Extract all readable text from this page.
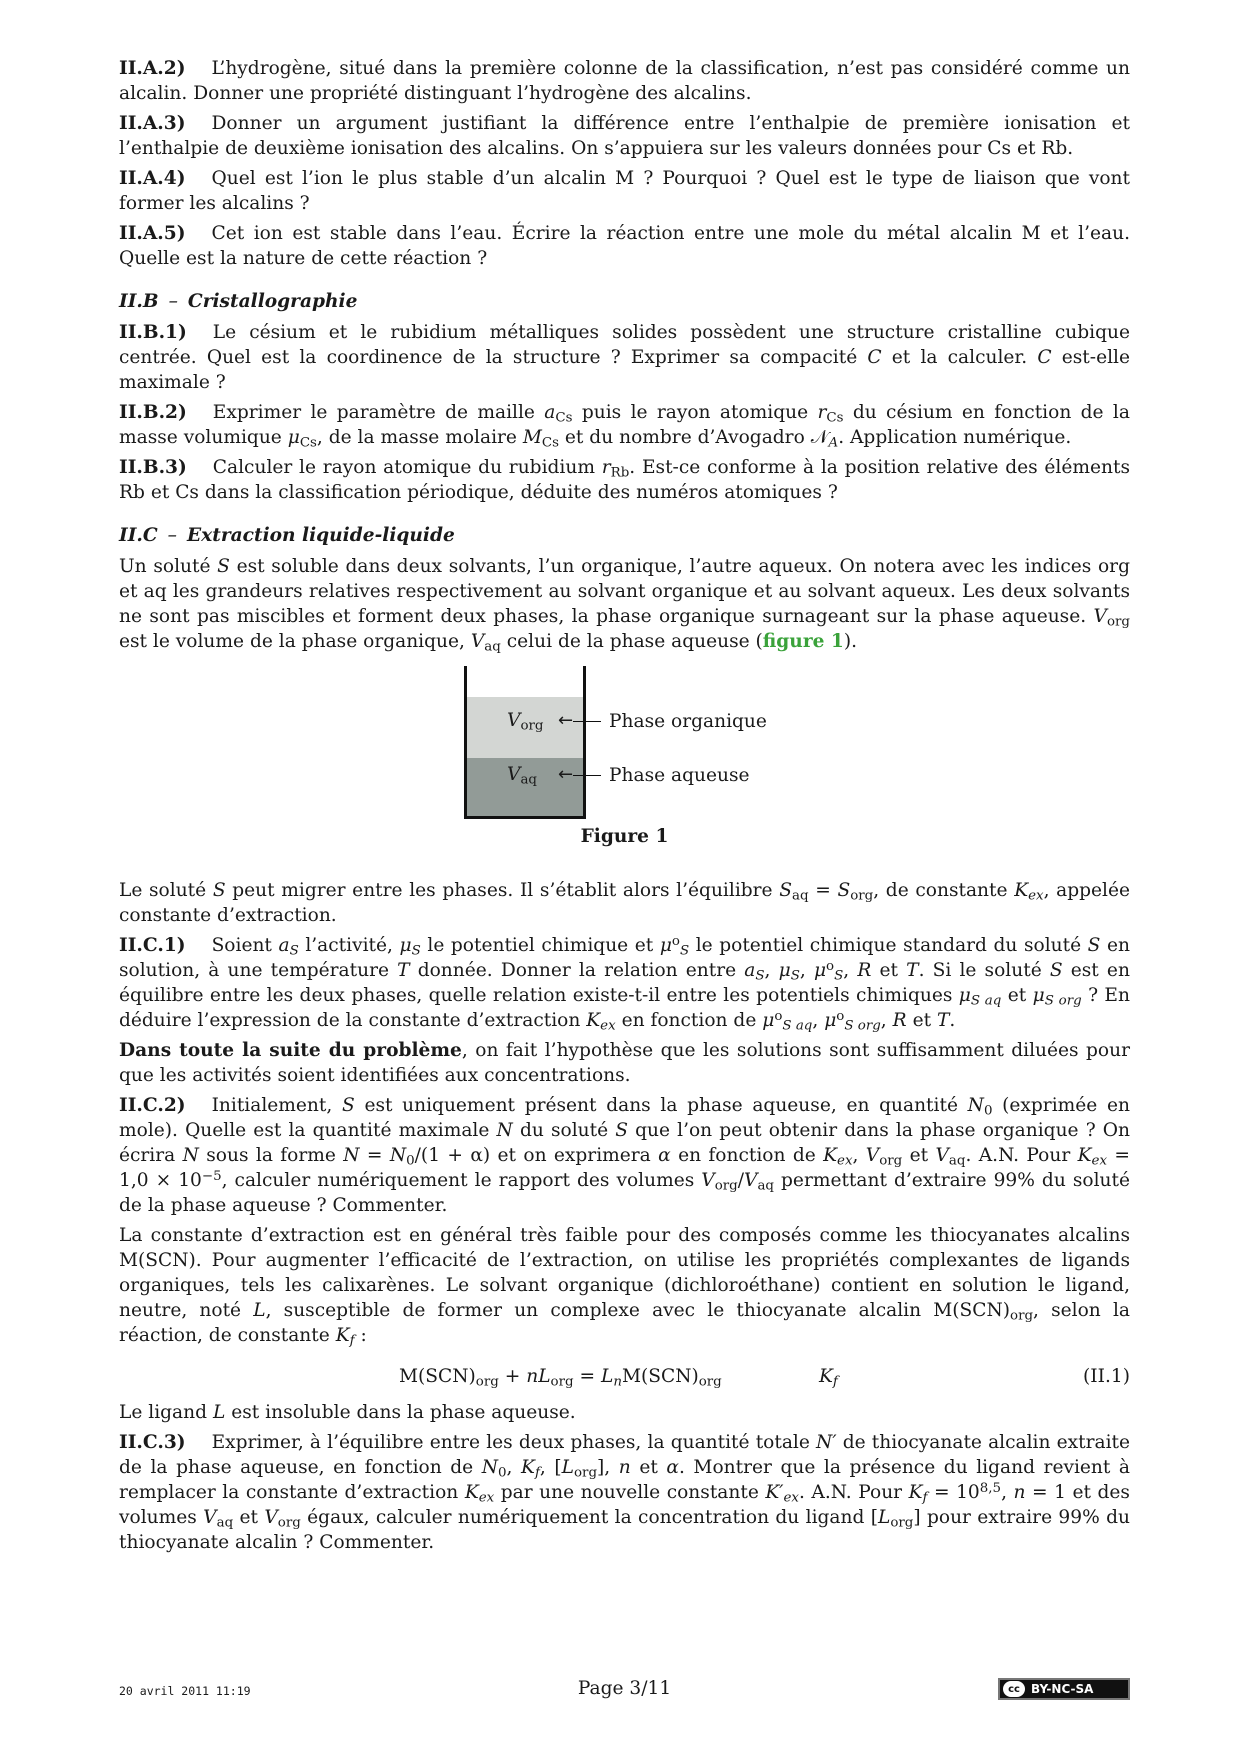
II.A.2) L’hydrogène, situé dans la première colonne de la classification, n’est pas considéré comme un alcalin. Donner une propriété distinguant l’hydrogène des alcalins.

II.A.3) Donner un argument justifiant la différence entre l’enthalpie de première ionisation et l’enthalpie de deuxième ionisation des alcalins. On s’appuiera sur les valeurs données pour Cs et Rb.

II.A.4) Quel est l’ion le plus stable d’un alcalin M ? Pourquoi ? Quel est le type de liaison que vont former les alcalins ?

II.A.5) Cet ion est stable dans l’eau. Écrire la réaction entre une mole du métal alcalin M et l’eau. Quelle est la nature de cette réaction ?

II.B – Cristallographie

II.B.1) Le césium et le rubidium métalliques solides possèdent une structure cristalline cubique centrée. Quel est la coordinence de la structure ? Exprimer sa compacité C et la calculer. C est-elle maximale ?

II.B.2) Exprimer le paramètre de maille $a_{Cs}$ puis le rayon atomique $r_{Cs}$ du césium en fonction de la masse volumique $\mu_{Cs}$, de la masse molaire $M_{Cs}$ et du nombre d’Avogadro 𝒩$_A$. Application numérique.

II.B.3) Calculer le rayon atomique du rubidium $r_{Rb}$. Est-ce conforme à la position relative des éléments Rb et Cs dans la classification périodique, déduite des numéros atomiques ?

II.C – Extraction liquide-liquide

Un soluté S est soluble dans deux solvants, l’un organique, l’autre aqueux. On notera avec les indices org et aq les grandeurs relatives respectivement au solvant organique et au solvant aqueux. Les deux solvants ne sont pas miscibles et forment deux phases, la phase organique surnageant sur la phase aqueuse. $V_{org}$ est le volume de la phase organique, $V_{aq}$ celui de la phase aqueuse (figure 1).

$V_{org}$
$V_{aq}$
← Phase organique
← Phase aqueuse
Figure 1

Le soluté S peut migrer entre les phases. Il s’établit alors l’équilibre $S_{aq} = S_{org}$, de constante $K_{ex}$, appelée constante d’extraction.

II.C.1) Soient $a_S$ l’activité, $\mu_S$ le potentiel chimique et $\mu^o_S$ le potentiel chimique standard du soluté S en solution, à une température T donnée. Donner la relation entre $a_S$, $\mu_S$, $\mu^o_S$, R et T. Si le soluté S est en équilibre entre les deux phases, quelle relation existe-t-il entre les potentiels chimiques $\mu_{S aq}$ et $\mu_{S org}$ ? En déduire l’expression de la constante d’extraction $K_{ex}$ en fonction de $\mu^o_{S aq}$, $\mu^o_{S org}$, R et T.

Dans toute la suite du problème, on fait l’hypothèse que les solutions sont suffisamment diluées pour que les activités soient identifiées aux concentrations.

II.C.2) Initialement, S est uniquement présent dans la phase aqueuse, en quantité $N_0$ (exprimée en mole). Quelle est la quantité maximale N du soluté S que l’on peut obtenir dans la phase organique ? On écrira N sous la forme $N = N_0/(1 + \alpha)$ et on exprimera α en fonction de $K_{ex}$, $V_{org}$ et $V_{aq}$. A.N. Pour $K_{ex} = 1,0 \times 10^{-5}$, calculer numériquement le rapport des volumes $V_{org}/V_{aq}$ permettant d’extraire 99% du soluté de la phase aqueuse ? Commenter.

La constante d’extraction est en général très faible pour des composés comme les thiocyanates alcalins M(SCN). Pour augmenter l’efficacité de l’extraction, on utilise les propriétés complexantes de ligands organiques, tels les calixarènes. Le solvant organique (dichloroéthane) contient en solution le ligand, neutre, noté L, susceptible de former un complexe avec le thiocyanate alcalin $M(SCN)_{org}$, selon la réaction, de constante $K_f$ :

$M(SCN)_{org} + nL_{org} = L_nM(SCN)_{org}$	$K_f$	(II.1)

Le ligand L est insoluble dans la phase aqueuse.

II.C.3) Exprimer, à l’équilibre entre les deux phases, la quantité totale N′ de thiocyanate alcalin extraite de la phase aqueuse, en fonction de $N_0$, $K_f$, $[L_{org}]$, n et α. Montrer que la présence du ligand revient à remplacer la constante d’extraction $K_{ex}$ par une nouvelle constante $K'_{ex}$. A.N. Pour $K_f = 10^{8,5}$, n = 1 et des volumes $V_{aq}$ et $V_{org}$ égaux, calculer numériquement la concentration du ligand $[L_{org}]$ pour extraire 99% du thiocyanate alcalin ? Commenter.

20 avril 2011 11:19	Page 3/11	cc BY-NC-SA
